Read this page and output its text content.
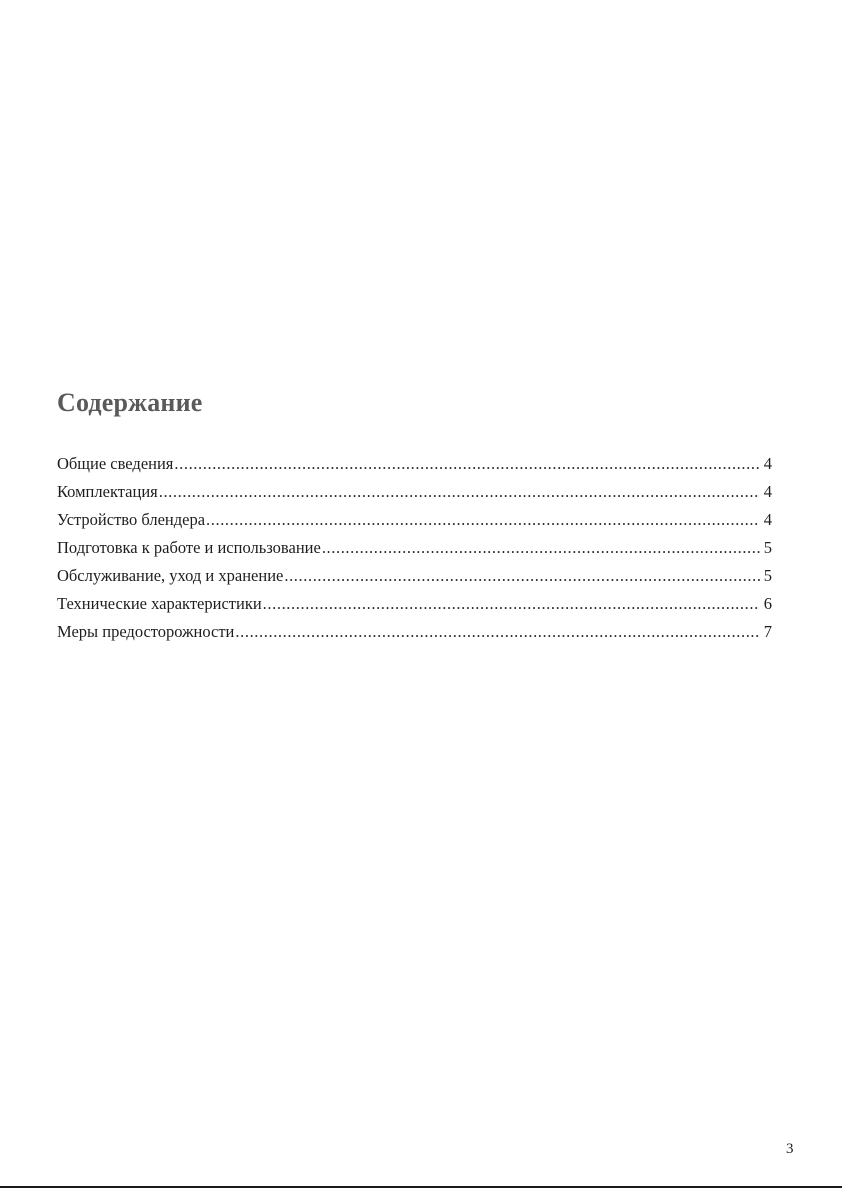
Содержание
Общие сведения .....	4
Комплектация .....	4
Устройство блендера .....	4
Подготовка к работе и использование .....	5
Обслуживание, уход и хранение .....	5
Технические характеристики .....	6
Меры предосторожности .....	7
3
